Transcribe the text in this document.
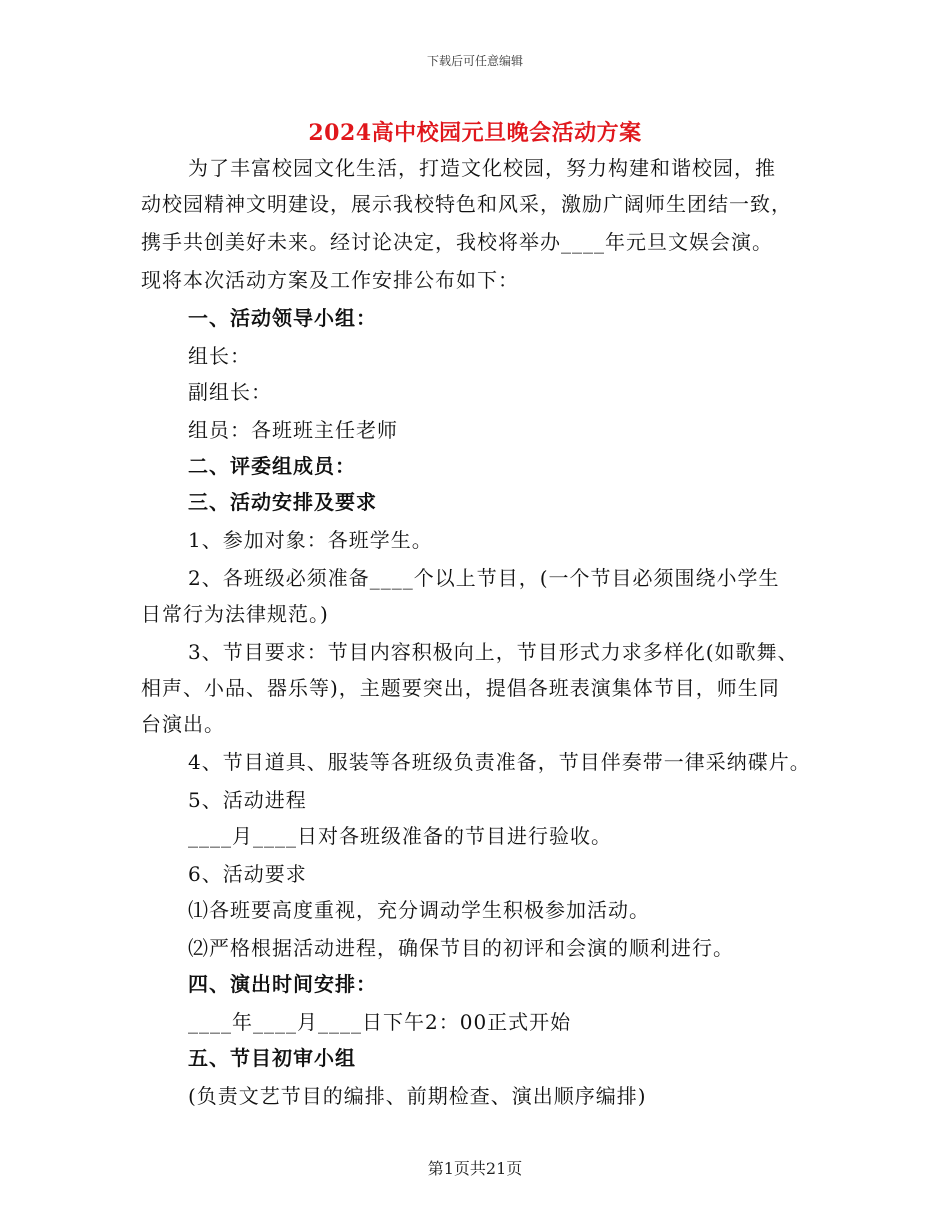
下载后可任意编辑
2024高中校园元旦晚会活动方案
为了丰富校园文化生活，打造文化校园，努力构建和谐校园，推
动校园精神文明建设，展示我校特色和风采，激励广阔师生团结一致，
携手共创美好未来。经讨论决定，我校将举办____年元旦文娱会演。
现将本次活动方案及工作安排公布如下：
一、活动领导小组：
组长：
副组长：
组员：各班班主任老师
二、评委组成员：
三、活动安排及要求
1、参加对象：各班学生。
2、各班级必须准备____个以上节目，(一个节目必须围绕小学生
日常行为法律规范。)
3、节目要求：节目内容积极向上，节目形式力求多样化(如歌舞、
相声、小品、器乐等)，主题要突出，提倡各班表演集体节目，师生同
台演出。
4、节目道具、服装等各班级负责准备，节目伴奏带一律采纳碟片。
5、活动进程
____月____日对各班级准备的节目进行验收。
6、活动要求
⑴各班要高度重视，充分调动学生积极参加活动。
⑵严格根据活动进程，确保节目的初评和会演的顺利进行。
四、演出时间安排：
____年____月____日下午2：00正式开始
五、节目初审小组
(负责文艺节目的编排、前期检查、演出顺序编排)
第1页共21页
